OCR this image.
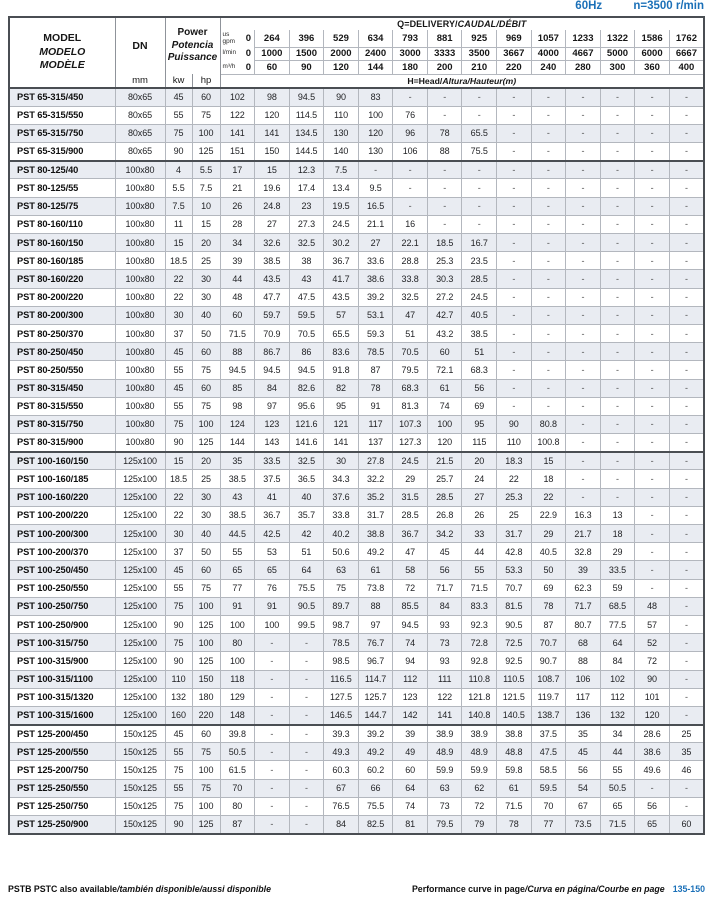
60Hz	n=3500 r/min
MODEL
MODELO
MODÈLE
	DN	
Power
Potencia
Puissance
	Q=DELIVERY/CAUDAL/DÉBIT

				us
gpm 0	264	396	529	634	793	881	925	969	1057	1233	1322	1586	1762

				l/min 0	1000	1500	2000	2400	3000	3333	3500	3667	4000	4667	5000	6000	6667

				m³/h 0	60	90	120	144	180	200	210	220	240	280	300	360	400
	mm	kw	hp	H=Head/Altura/Hauteur(m)													
PST 65-315/450	80x65	45	60	102	98	94.5	90	83	-	-	-	-	-	-	-	-	-
PST 65-315/550	80x65	55	75	122	120	114.5	110	100	76	-	-	-	-	-	-	-	-
PST 65-315/750	80x65	75	100	141	141	134.5	130	120	96	78	65.5	-	-	-	-	-	-
PST 65-315/900	80x65	90	125	151	150	144.5	140	130	106	88	75.5	-	-	-	-	-	-
PST 80-125/40	100x80	4	5.5	17	15	12.3	7.5	-	-	-	-	-	-	-	-	-	-
PST 80-125/55	100x80	5.5	7.5	21	19.6	17.4	13.4	9.5	-	-	-	-	-	-	-	-	-
PST 80-125/75	100x80	7.5	10	26	24.8	23	19.5	16.5	-	-	-	-	-	-	-	-	-
PST 80-160/110	100x80	11	15	28	27	27.3	24.5	21.1	16	-	-	-	-	-	-	-	-
PST 80-160/150	100x80	15	20	34	32.6	32.5	30.2	27	22.1	18.5	16.7	-	-	-	-	-	-
PST 80-160/185	100x80	18.5	25	39	38.5	38	36.7	33.6	28.8	25.3	23.5	-	-	-	-	-	-
PST 80-160/220	100x80	22	30	44	43.5	43	41.7	38.6	33.8	30.3	28.5	-	-	-	-	-	-
PST 80-200/220	100x80	22	30	48	47.7	47.5	43.5	39.2	32.5	27.2	24.5	-	-	-	-	-	-
PST 80-200/300	100x80	30	40	60	59.7	59.5	57	53.1	47	42.7	40.5	-	-	-	-	-	-
PST 80-250/370	100x80	37	50	71.5	70.9	70.5	65.5	59.3	51	43.2	38.5	-	-	-	-	-	-
PST 80-250/450	100x80	45	60	88	86.7	86	83.6	78.5	70.5	60	51	-	-	-	-	-	-
PST 80-250/550	100x80	55	75	94.5	94.5	94.5	91.8	87	79.5	72.1	68.3	-	-	-	-	-	-
PST 80-315/450	100x80	45	60	85	84	82.6	82	78	68.3	61	56	-	-	-	-	-	-
PST 80-315/550	100x80	55	75	98	97	95.6	95	91	81.3	74	69	-	-	-	-	-	-
PST 80-315/750	100x80	75	100	124	123	121.6	121	117	107.3	100	95	90	80.8	-	-	-	-
PST 80-315/900	100x80	90	125	144	143	141.6	141	137	127.3	120	115	110	100.8	-	-	-	-
PST 100-160/150	125x100	15	20	35	33.5	32.5	30	27.8	24.5	21.5	20	18.3	15	-	-	-	-
PST 100-160/185	125x100	18.5	25	38.5	37.5	36.5	34.3	32.2	29	25.7	24	22	18	-	-	-	-
PST 100-160/220	125x100	22	30	43	41	40	37.6	35.2	31.5	28.5	27	25.3	22	-	-	-	-
PST 100-200/220	125x100	22	30	38.5	36.7	35.7	33.8	31.7	28.5	26.8	26	25	22.9	16.3	13	-	-
PST 100-200/300	125x100	30	40	44.5	42.5	42	40.2	38.8	36.7	34.2	33	31.7	29	21.7	18	-	-
PST 100-200/370	125x100	37	50	55	53	51	50.6	49.2	47	45	44	42.8	40.5	32.8	29	-	-
PST 100-250/450	125x100	45	60	65	65	64	63	61	58	56	55	53.3	50	39	33.5	-	-
PST 100-250/550	125x100	55	75	77	76	75.5	75	73.8	72	71.7	71.5	70.7	69	62.3	59	-	-
PST 100-250/750	125x100	75	100	91	91	90.5	89.7	88	85.5	84	83.3	81.5	78	71.7	68.5	48	-
PST 100-250/900	125x100	90	125	100	100	99.5	98.7	97	94.5	93	92.3	90.5	87	80.7	77.5	57	-
PST 100-315/750	125x100	75	100	80	-	-	78.5	76.7	74	73	72.8	72.5	70.7	68	64	52	-
PST 100-315/900	125x100	90	125	100	-	-	98.5	96.7	94	93	92.8	92.5	90.7	88	84	72	-
PST 100-315/1100	125x100	110	150	118	-	-	116.5	114.7	112	111	110.8	110.5	108.7	106	102	90	-
PST 100-315/1320	125x100	132	180	129	-	-	127.5	125.7	123	122	121.8	121.5	119.7	117	112	101	-
PST 100-315/1600	125x100	160	220	148	-	-	146.5	144.7	142	141	140.8	140.5	138.7	136	132	120	-
PST 125-200/450	150x125	45	60	39.8	-	-	39.3	39.2	39	38.9	38.9	38.8	37.5	35	34	28.6	25
PST 125-200/550	150x125	55	75	50.5	-	-	49.3	49.2	49	48.9	48.9	48.8	47.5	45	44	38.6	35
PST 125-200/750	150x125	75	100	61.5	-	-	60.3	60.2	60	59.9	59.9	59.8	58.5	56	55	49.6	46
PST 125-250/550	150x125	55	75	70	-	-	67	66	64	63	62	61	59.5	54	50.5	-	-
PST 125-250/750	150x125	75	100	80	-	-	76.5	75.5	74	73	72	71.5	70	67	65	56	-
PST 125-250/900	150x125	90	125	87	-	-	84	82.5	81	79.5	79	78	77	73.5	71.5	65	60
PSTB PSTC also available/también disponible/aussi disponible	Performance curve in page/Curva en página/Courbe en page 135-150
